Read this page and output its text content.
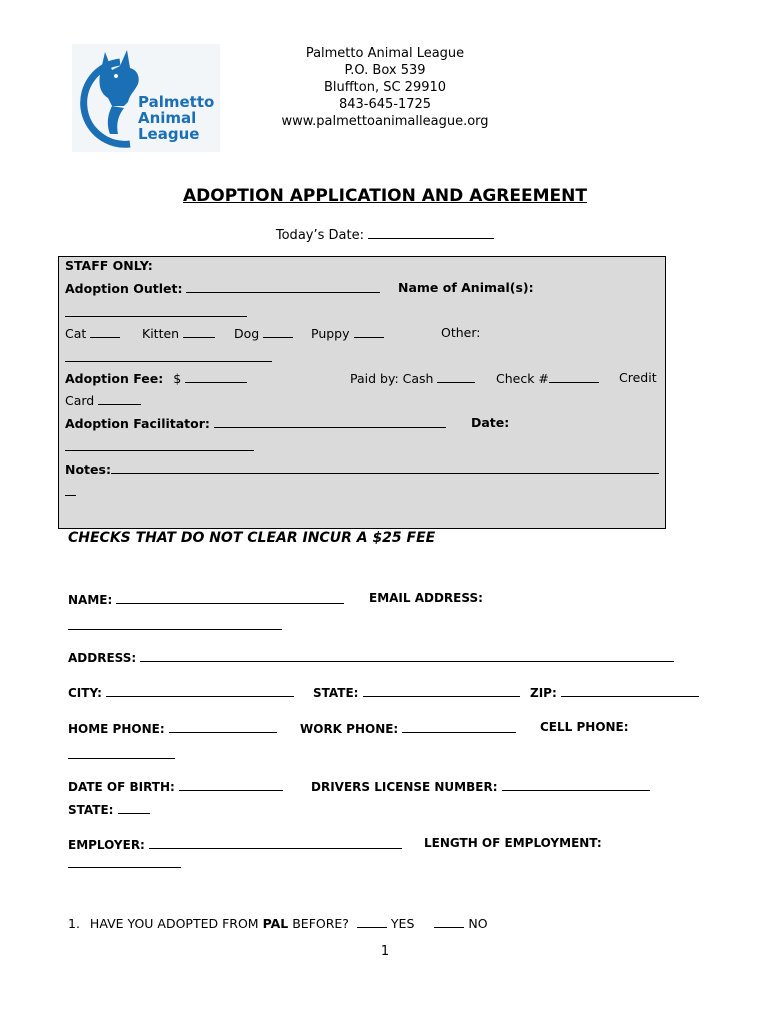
Palmetto
Animal
League
Palmetto Animal League
P.O. Box 539
Bluffton, SC 29910
843-645-1725
www.palmettoanimalleague.org
ADOPTION APPLICATION AND AGREEMENT
Today’s Date:
STAFF ONLY:
Adoption Outlet:	Name of Animal(s):
Cat	Kitten	Dog	Puppy	Other:
Adoption Fee: $	Paid by: Cash	Check #	Credit
Card
Adoption Facilitator:	Date:
Notes:
CHECKS THAT DO NOT CLEAR INCUR A $25 FEE
NAME:	EMAIL ADDRESS:
ADDRESS:
CITY:	STATE:	ZIP:
HOME PHONE:	WORK PHONE:	CELL PHONE:
DATE OF BIRTH:	DRIVERS LICENSE NUMBER:
STATE:
EMPLOYER:	LENGTH OF EMPLOYMENT:
1. HAVE YOU ADOPTED FROM PAL BEFORE?	YES	NO
1
